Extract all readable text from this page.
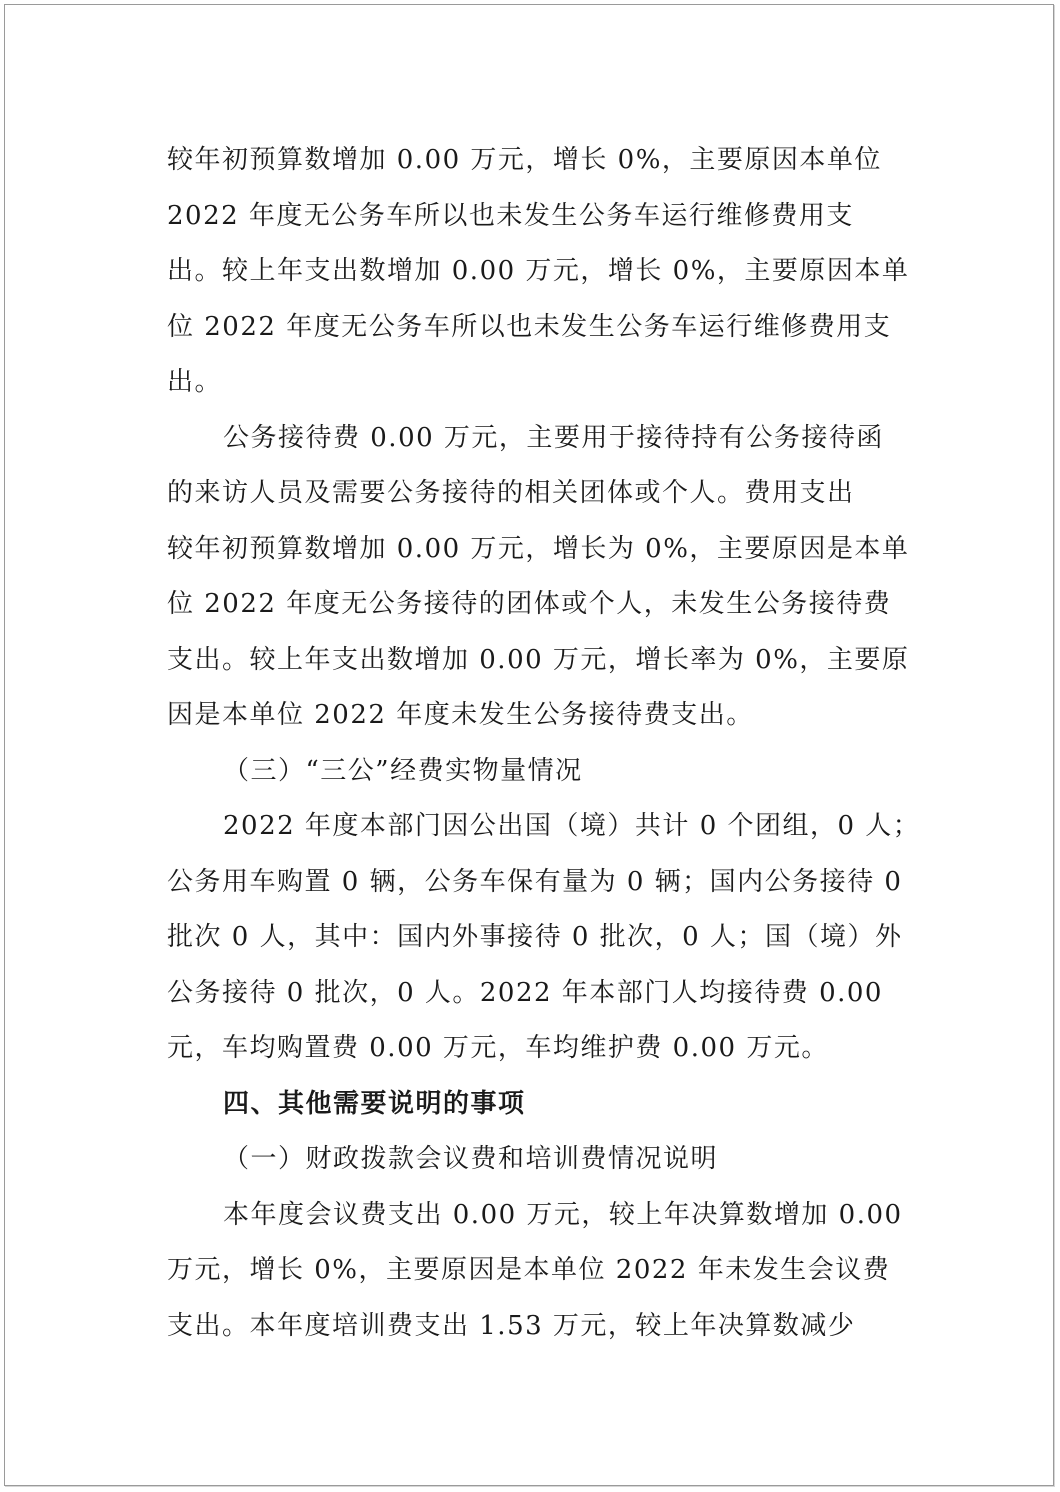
较年初预算数增加 0.00 万元，增长 0%，主要原因本单位
2022 年度无公务车所以也未发生公务车运行维修费用支
出。较上年支出数增加 0.00 万元，增长 0%，主要原因本单
位 2022 年度无公务车所以也未发生公务车运行维修费用支
出。
公务接待费 0.00 万元，主要用于接待持有公务接待函
的来访人员及需要公务接待的相关团体或个人。费用支出
较年初预算数增加 0.00 万元，增长为 0%，主要原因是本单
位 2022 年度无公务接待的团体或个人，未发生公务接待费
支出。较上年支出数增加 0.00 万元，增长率为 0%，主要原
因是本单位 2022 年度未发生公务接待费支出。
（三）“三公”经费实物量情况
2022 年度本部门因公出国（境）共计 0 个团组，0 人；
公务用车购置 0 辆，公务车保有量为 0 辆；国内公务接待 0
批次 0 人，其中：国内外事接待 0 批次，0 人；国（境）外
公务接待 0 批次，0 人。2022 年本部门人均接待费 0.00
元，车均购置费 0.00 万元，车均维护费 0.00 万元。
四、其他需要说明的事项
（一）财政拨款会议费和培训费情况说明
本年度会议费支出 0.00 万元，较上年决算数增加 0.00
万元，增长 0%，主要原因是本单位 2022 年未发生会议费
支出。本年度培训费支出 1.53 万元，较上年决算数减少
